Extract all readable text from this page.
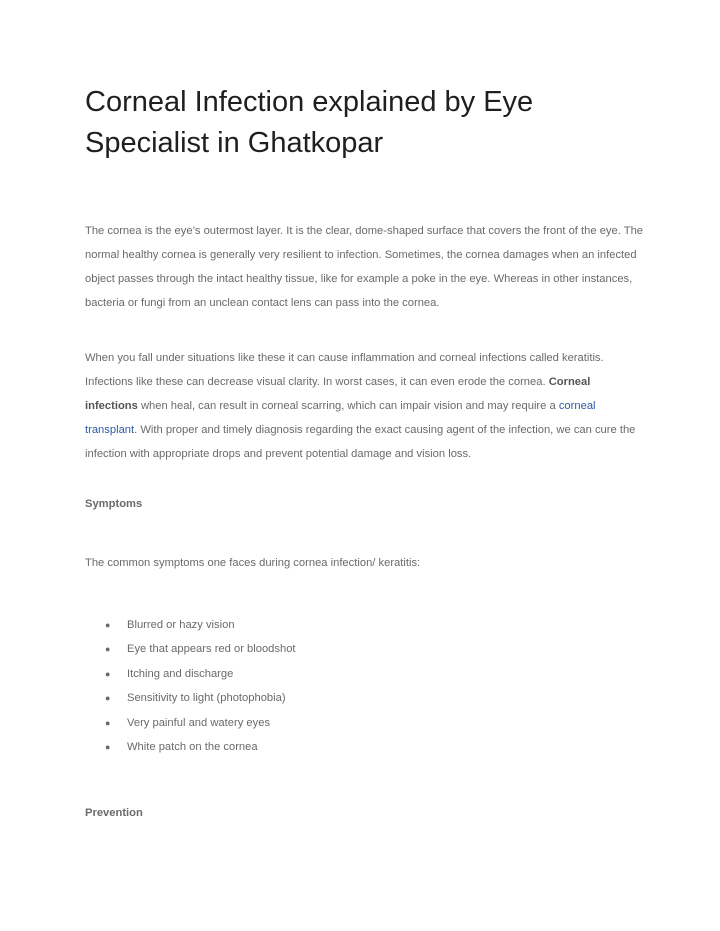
Corneal Infection explained by Eye Specialist in Ghatkopar

The cornea is the eye’s outermost layer. It is the clear, dome-shaped surface that covers the front of the eye. The normal healthy cornea is generally very resilient to infection. Sometimes, the cornea damages when an infected object passes through the intact healthy tissue, like for example a poke in the eye. Whereas in other instances, bacteria or fungi from an unclean contact lens can pass into the cornea.

When you fall under situations like these it can cause inflammation and corneal infections called keratitis. Infections like these can decrease visual clarity. In worst cases, it can even erode the cornea. Corneal infections when heal, can result in corneal scarring, which can impair vision and may require a corneal transplant. With proper and timely diagnosis regarding the exact causing agent of the infection, we can cure the infection with appropriate drops and prevent potential damage and vision loss.

Symptoms

The common symptoms one faces during cornea infection/ keratitis:

● Blurred or hazy vision
● Eye that appears red or bloodshot
● Itching and discharge
● Sensitivity to light (photophobia)
● Very painful and watery eyes
● White patch on the cornea
Prevention
